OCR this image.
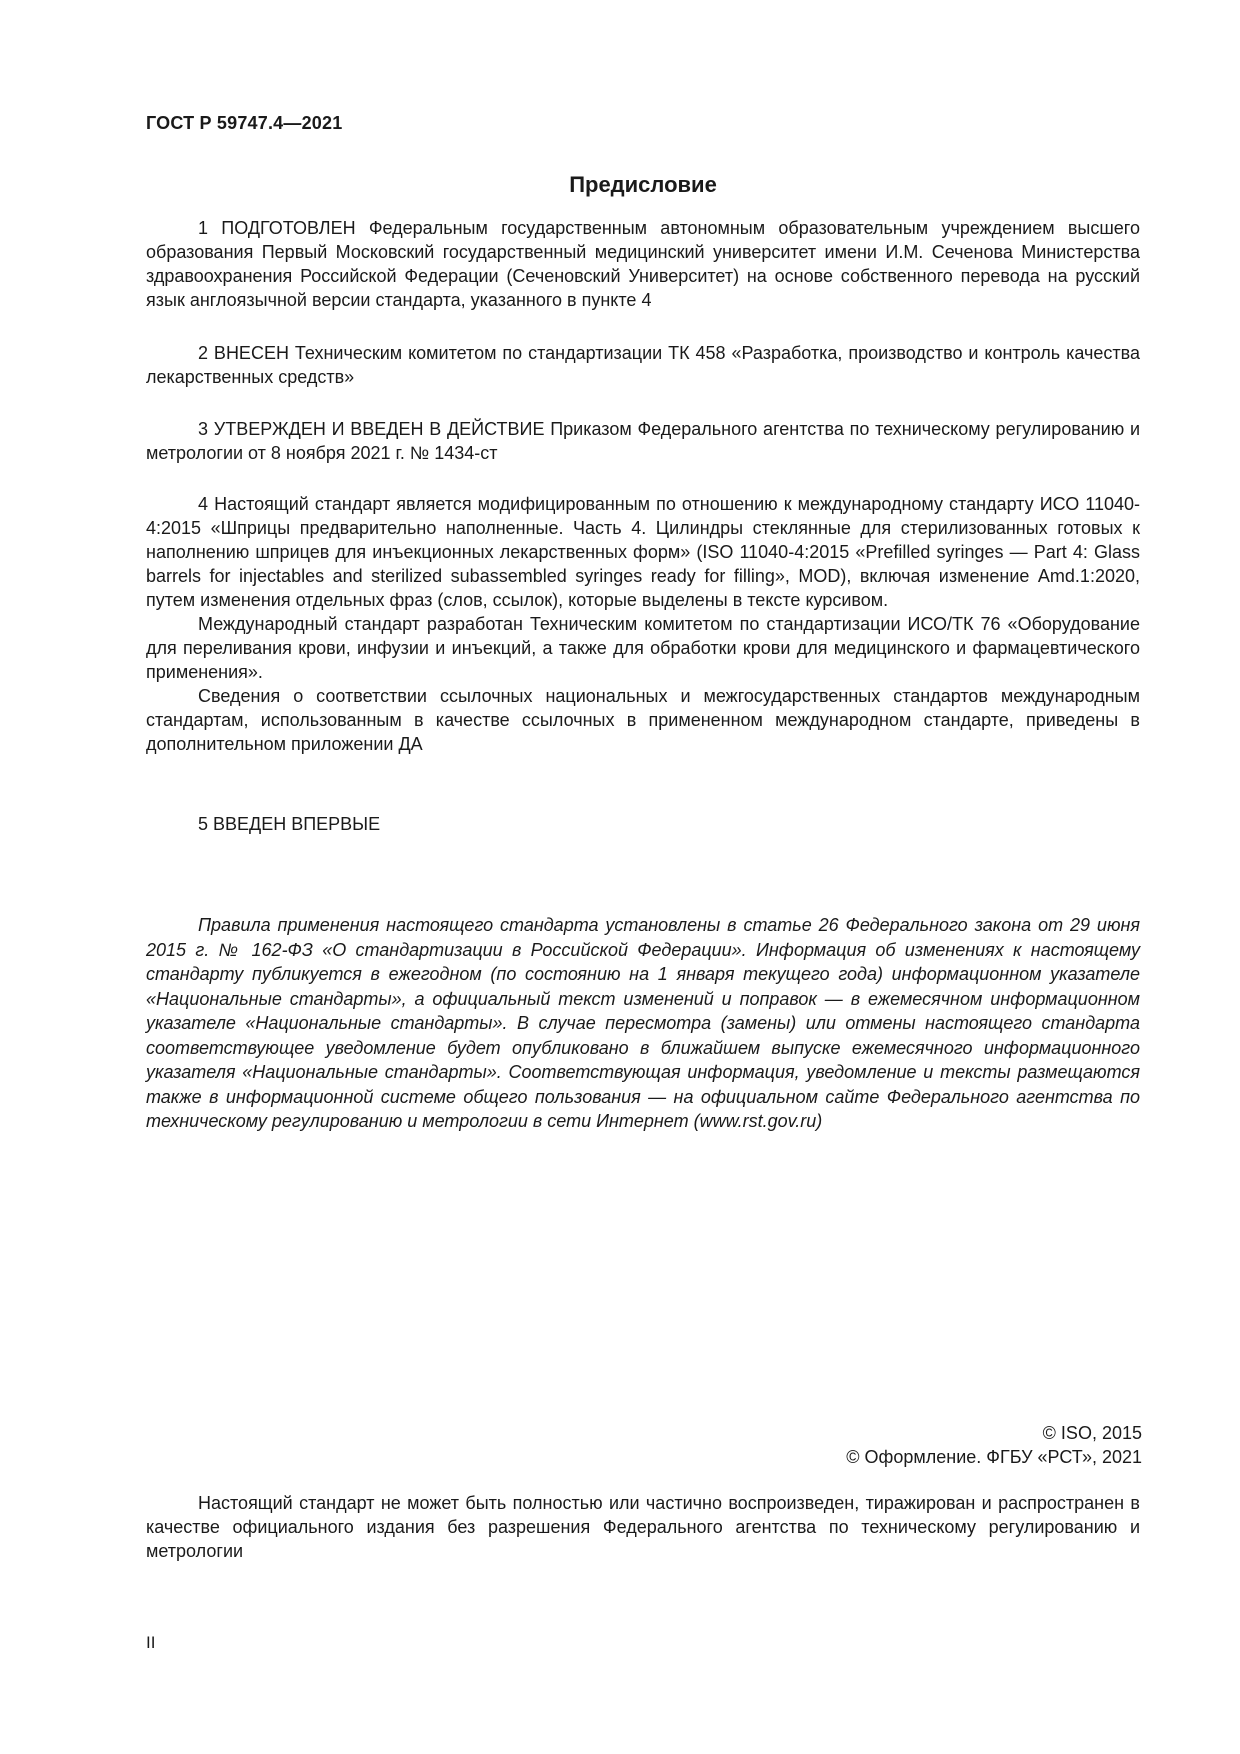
ГОСТ Р 59747.4—2021
Предисловие

1 ПОДГОТОВЛЕН Федеральным государственным автономным образовательным учреждением высшего образования Первый Московский государственный медицинский университет имени И.М. Сеченова Министерства здравоохранения Российской Федерации (Сеченовский Университет) на основе собственного перевода на русский язык англоязычной версии стандарта, указанного в пункте 4

2 ВНЕСЕН Техническим комитетом по стандартизации ТК 458 «Разработка, производство и контроль качества лекарственных средств»

3 УТВЕРЖДЕН И ВВЕДЕН В ДЕЙСТВИЕ Приказом Федерального агентства по техническому регулированию и метрологии от 8 ноября 2021 г. № 1434-ст

4 Настоящий стандарт является модифицированным по отношению к международному стандарту ИСО 11040-4:2015 «Шприцы предварительно наполненные. Часть 4. Цилиндры стеклянные для стерилизованных готовых к наполнению шприцев для инъекционных лекарственных форм» (ISO 11040-4:2015 «Prefilled syringes — Part 4: Glass barrels for injectables and sterilized subassembled syringes ready for filling», MOD), включая изменение Amd.1:2020, путем изменения отдельных фраз (слов, ссылок), которые выделены в тексте курсивом.

Международный стандарт разработан Техническим комитетом по стандартизации ИСО/ТК 76 «Оборудование для переливания крови, инфузии и инъекций, а также для обработки крови для медицинского и фармацевтического применения».

Сведения о соответствии ссылочных национальных и межгосударственных стандартов международным стандартам, использованным в качестве ссылочных в примененном международном стандарте, приведены в дополнительном приложении ДА

5 ВВЕДЕН ВПЕРВЫЕ

Правила применения настоящего стандарта установлены в статье 26 Федерального закона от 29 июня 2015 г. № 162-ФЗ «О стандартизации в Российской Федерации». Информация об изменениях к настоящему стандарту публикуется в ежегодном (по состоянию на 1 января текущего года) информационном указателе «Национальные стандарты», а официальный текст изменений и поправок — в ежемесячном информационном указателе «Национальные стандарты». В случае пересмотра (замены) или отмены настоящего стандарта соответствующее уведомление будет опубликовано в ближайшем выпуске ежемесячного информационного указателя «Национальные стандарты». Соответствующая информация, уведомление и тексты размещаются также в информационной системе общего пользования — на официальном сайте Федерального агентства по техническому регулированию и метрологии в сети Интернет (www.rst.gov.ru)

© ISO, 2015
© Оформление. ФГБУ «РСТ», 2021

Настоящий стандарт не может быть полностью или частично воспроизведен, тиражирован и распространен в качестве официального издания без разрешения Федерального агентства по техническому регулированию и метрологии

II
